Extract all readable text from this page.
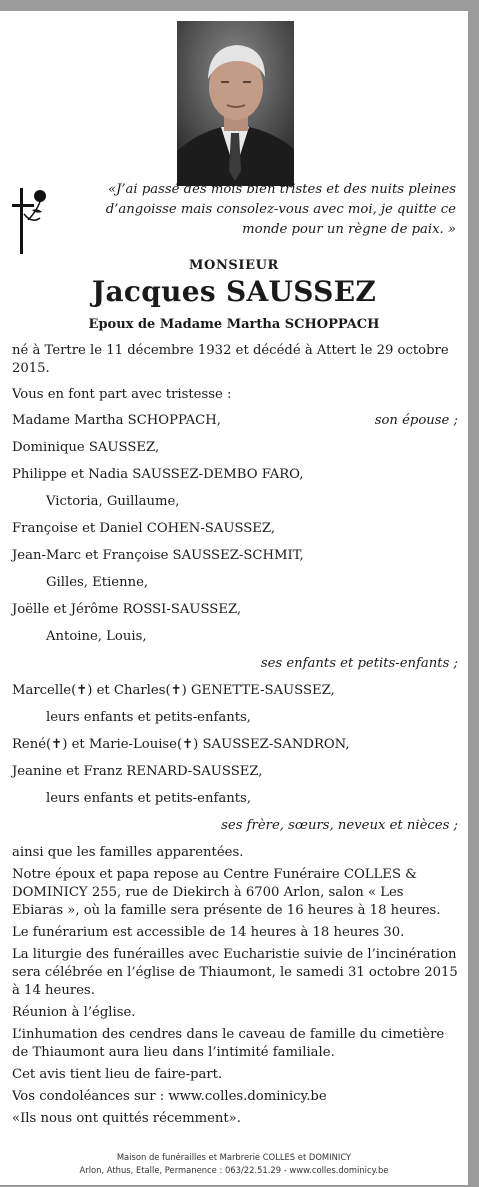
«J’ai passé des mois bien tristes et des nuits pleines d’angoisse mais consolez-vous avec moi, je quitte ce monde pour un règne de paix. »
MONSIEUR
Jacques SAUSSEZ
Epoux de Madame Martha SCHOPPACH

né à Tertre le 11 décembre 1932 et décédé à Attert le 29 octobre 2015.

Vous en font part avec tristesse :

Madame Martha SCHOPPACH,	son épouse ;
Dominique SAUSSEZ,
Philippe et Nadia SAUSSEZ-DEMBO FARO,
Victoria, Guillaume,
Françoise et Daniel COHEN-SAUSSEZ,
Jean-Marc et Françoise SAUSSEZ-SCHMIT,
Gilles, Etienne,
Joëlle et Jérôme ROSSI-SAUSSEZ,
Antoine, Louis,
ses enfants et petits-enfants ;
Marcelle(✝) et Charles(✝) GENETTE-SAUSSEZ,
leurs enfants et petits-enfants,
René(✝) et Marie-Louise(✝) SAUSSEZ-SANDRON,
Jeanine et Franz RENARD-SAUSSEZ,
leurs enfants et petits-enfants,
ses frère, sœurs, neveux et nièces ;

ainsi que les familles apparentées.

Notre époux et papa repose au Centre Funéraire COLLES & DOMINICY 255, rue de Diekirch à 6700 Arlon, salon « Les Ebiaras », où la famille sera présente de 16 heures à 18 heures.

Le funérarium est accessible de 14 heures à 18 heures 30.

La liturgie des funérailles avec Eucharistie suivie de l’incinération sera célébrée en l’église de Thiaumont, le samedi 31 octobre 2015 à 14 heures.

Réunion à l’église.

L’inhumation des cendres dans le caveau de famille du cimetière de Thiaumont aura lieu dans l’intimité familiale.

Cet avis tient lieu de faire-part.

Vos condoléances sur : www.colles.dominicy.be

«Ils nous ont quittés récemment».

Maison de funérailles et Marbrerie COLLES et DOMINICY
Arlon, Athus, Etalle, Permanence : 063/22.51.29 - www.colles.dominicy.be
